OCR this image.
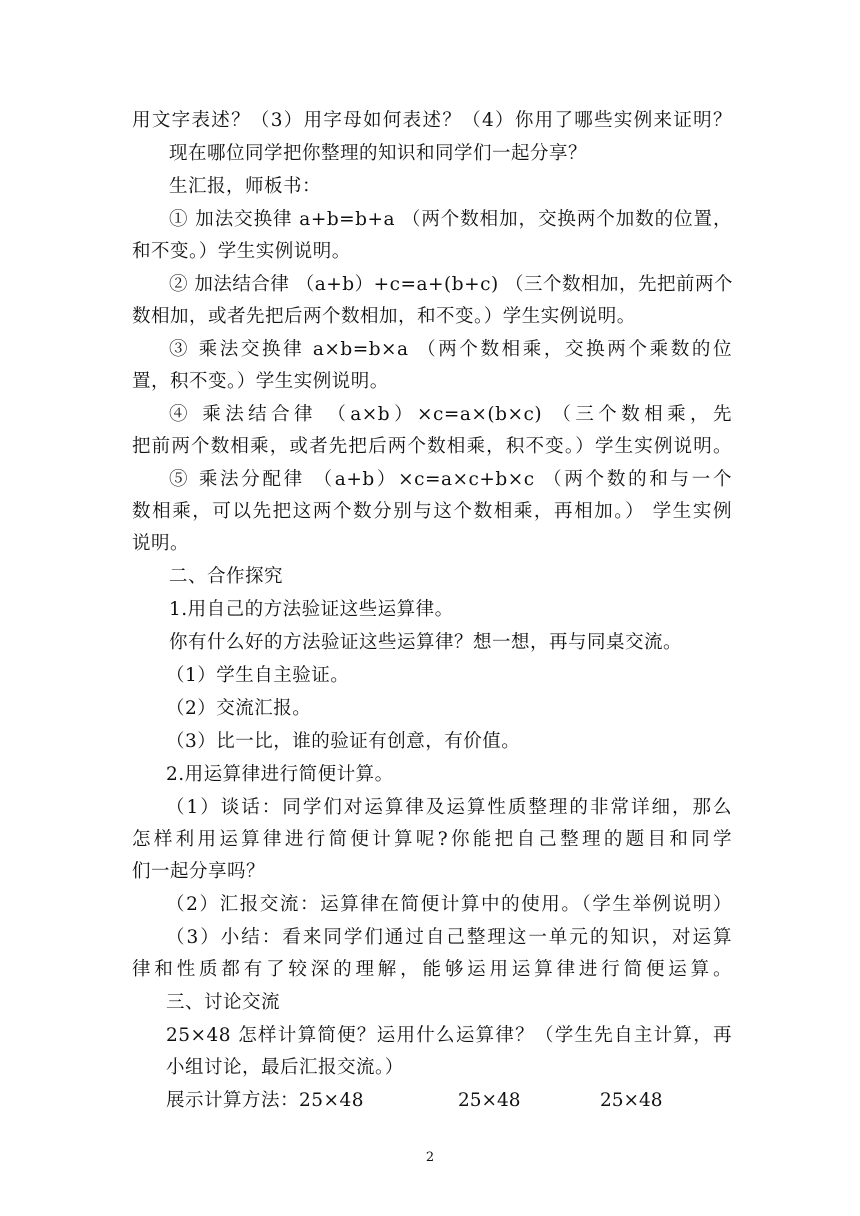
用文字表述？（3）用字母如何表述？（4）你用了哪些实例来证明？
现在哪位同学把你整理的知识和同学们一起分享？
生汇报，师板书：
① 加法交换律 a+b=b+a （两个数相加，交换两个加数的位置，
和不变。）学生实例说明。
② 加法结合律 （a+b）+c=a+(b+c) （三个数相加，先把前两个
数相加，或者先把后两个数相加，和不变。）学生实例说明。
③ 乘法交换律 a×b=b×a （两个数相乘，交换两个乘数的位
置，积不变。）学生实例说明。
④ 乘法结合律 （a×b）×c=a×(b×c) （三个数相乘，先
把前两个数相乘，或者先把后两个数相乘，积不变。）学生实例说明。
⑤ 乘法分配律 （a+b）×c=a×c+b×c （两个数的和与一个
数相乘，可以先把这两个数分别与这个数相乘，再相加。） 学生实例
说明。
二、合作探究
1.用自己的方法验证这些运算律。
你有什么好的方法验证这些运算律？想一想，再与同桌交流。
（1）学生自主验证。
（2）交流汇报。
（3）比一比，谁的验证有创意，有价值。
2.用运算律进行简便计算。
（1）谈话：同学们对运算律及运算性质整理的非常详细，那么
怎样利用运算律进行简便计算呢?你能把自己整理的题目和同学
们一起分享吗？
（2）汇报交流：运算律在简便计算中的使用。（学生举例说明）
（3）小结：看来同学们通过自己整理这一单元的知识，对运算
律和性质都有了较深的理解，能够运用运算律进行简便运算。
三、讨论交流
25×48 怎样计算简便？运用什么运算律？（学生先自主计算，再
小组讨论，最后汇报交流。）
展示计算方法：25×48	25×48	25×48
2
